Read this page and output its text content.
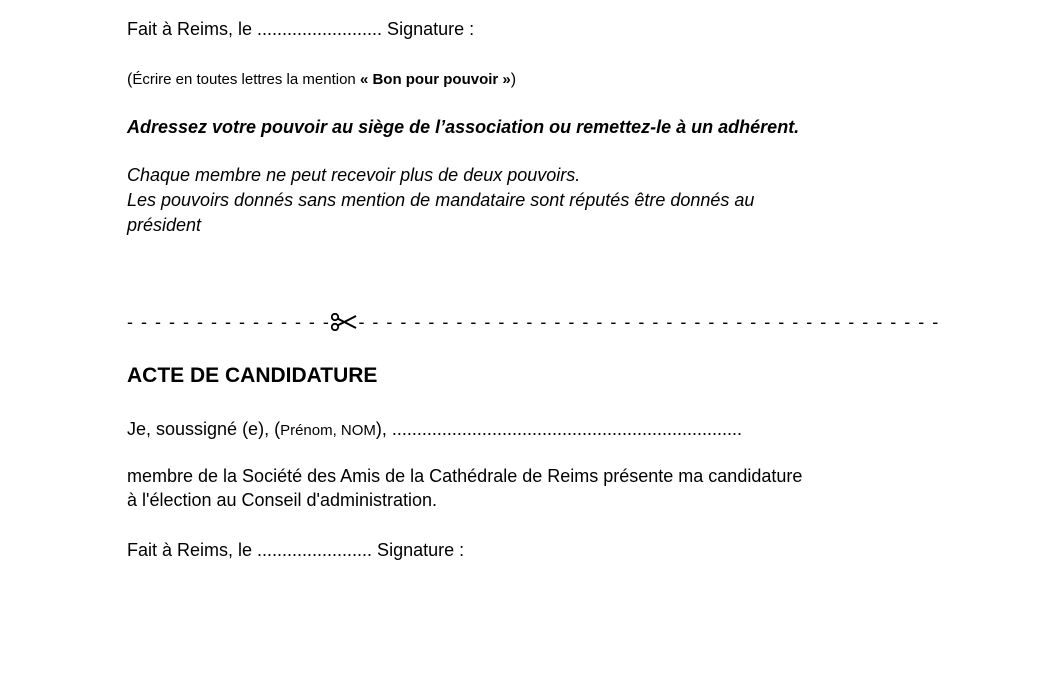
Fait à Reims, le ......................... Signature :
(Écrire en toutes lettres la mention « Bon pour pouvoir »)
Adressez votre pouvoir au siège de l’association ou remettez-le à un adhérent.
Chaque membre ne peut recevoir plus de deux pouvoirs.
Les pouvoirs donnés sans mention de mandataire sont réputés être donnés au
président
- - - - - - - - - - - - - - - - - - - - - - - - - - - - - - - - - - - - - - - - - - - - - - - - - - - - - - - - -
ACTE DE CANDIDATURE
Je, soussigné (e), (Prénom, NOM), ......................................................................
membre de la Société des Amis de la Cathédrale de Reims présente ma candidature
à l'élection au Conseil d'administration.
Fait à Reims, le ....................... Signature :
